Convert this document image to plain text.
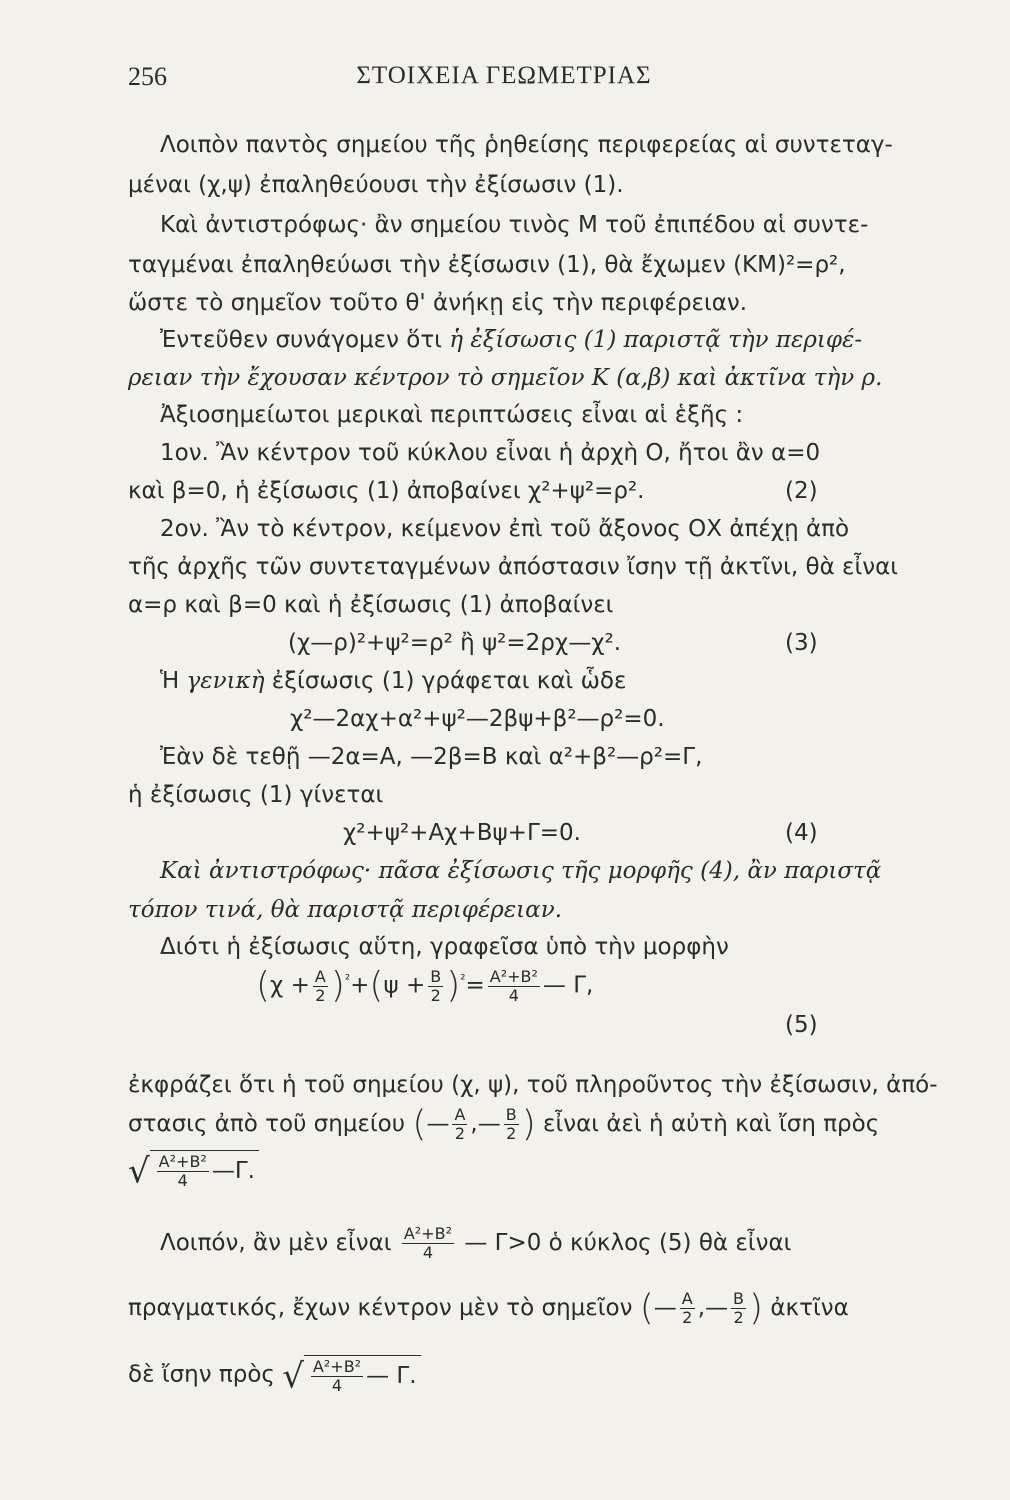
256	ΣΤΟΙΧΕΙΑ ΓΕΩΜΕΤΡΙΑΣ
Λοιπὸν παντὸς σημείου τῆς ῥηθείσης περιφερείας αἱ συντεταγ-
μέναι (χ,ψ) ἐπαληθεύουσι τὴν ἐξίσωσιν (1).
Καὶ ἀντιστρόφως· ἂν σημείου τινὸς Μ τοῦ ἐπιπέδου αἱ συντε-
ταγμέναι ἐπαληθεύωσι τὴν ἐξίσωσιν (1), θὰ ἔχωμεν (ΚΜ)²=ρ²,
ὥστε τὸ σημεῖον τοῦτο θ' ἀνήκῃ εἰς τὴν περιφέρειαν.
Ἐντεῦθεν συνάγομεν ὅτι ἡ ἐξίσωσις (1) παριστᾷ τὴν περιφέ-
ρειαν τὴν ἔχουσαν κέντρον τὸ σημεῖον Κ (α,β) καὶ ἀκτῖνα τὴν ρ.
Ἀξιοσημείωτοι μερικαὶ περιπτώσεις εἶναι αἱ ἑξῆς :
1ον. Ἂν κέντρον τοῦ κύκλου εἶναι ἡ ἀρχὴ Ο, ἤτοι ἂν α=0
καὶ β=0, ἡ ἐξίσωσις (1) ἀποβαίνει χ²+ψ²=ρ².	(2)
2ον. Ἂν τὸ κέντρον, κείμενον ἐπὶ τοῦ ἄξονος ΟΧ ἀπέχῃ ἀπὸ
τῆς ἀρχῆς τῶν συντεταγμένων ἀπόστασιν ἴσην τῇ ἀκτῖνι, θὰ εἶναι
α=ρ καὶ β=0 καὶ ἡ ἐξίσωσις (1) ἀποβαίνει
(χ—ρ)²+ψ²=ρ² ἢ ψ²=2ρχ—χ².	(3)
Ἡ γενικὴ ἐξίσωσις (1) γράφεται καὶ ὧδε
χ²—2αχ+α²+ψ²—2βψ+β²—ρ²=0.
Ἐὰν δὲ τεθῇ —2α=Α, —2β=Β καὶ α²+β²—ρ²=Γ,
ἡ ἐξίσωσις (1) γίνεται
χ²+ψ²+Αχ+Βψ+Γ=0.	(4)
Καὶ ἀντιστρόφως· πᾶσα ἐξίσωσις τῆς μορφῆς (4), ἂν παριστᾷ
τόπον τινά, θὰ παριστᾷ περιφέρειαν.
Διότι ἡ ἐξίσωσις αὕτη, γραφεῖσα ὑπὸ τὴν μορφὴν
$(\chi + \frac{A}{2} )^{^2}+(\psi + \frac{B}{2} )^{^2}= \frac{\text{Α²+Β²}}{4}$ — Γ,
(5)
ἐκφράζει ὅτι ἡ τοῦ σημείου (χ, ψ), τοῦ πληροῦντος τὴν ἐξίσωσιν, ἀπό-
στασις ἀπὸ τοῦ σημείου (— $\frac{A}{2}$ ,— $\frac{B}{2}$ ) εἶναι ἀεὶ ἡ αὐτὴ καὶ ἴση πρὸς
√ $\frac{\text{Α²+Β²}}{4}$ —Γ.
Λοιπόν, ἂν μὲν εἶναι $\frac{\text{Α²+Β²}}{4}$ — Γ>0 ὁ κύκλος (5) θὰ εἶναι
πραγματικός, ἔχων κέντρον μὲν τὸ σημεῖον (— $\frac{A}{2}$ ,— $\frac{B}{2}$ ) ἀκτῖνα
δὲ ἴσην πρὸς √ $\frac{\text{Α²+Β²}}{4}$ — Γ.
